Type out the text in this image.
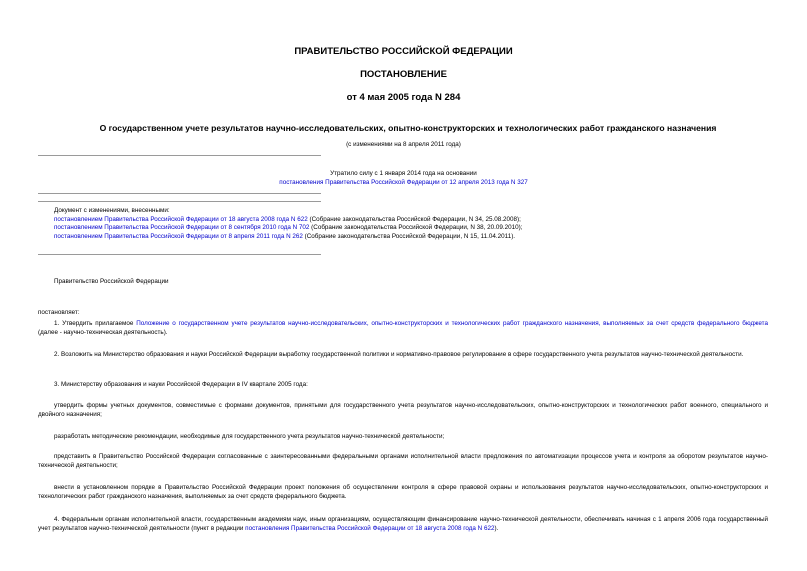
ПРАВИТЕЛЬСТВО РОССИЙСКОЙ ФЕДЕРАЦИИ
ПОСТАНОВЛЕНИЕ
от 4 мая 2005 года N 284
О государственном учете результатов научно-исследовательских, опытно-конструкторских и технологических работ гражданского назначения
(с изменениями на 8 апреля 2011 года)
Утратило силу с 1 января 2014 года на основании
постановления Правительства Российской Федерации от 12 апреля 2013 года N 327
Документ с изменениями, внесенными:
постановлением Правительства Российской Федерации от 18 августа 2008 года N 622 (Собрание законодательства Российской Федерации, N 34, 25.08.2008);
постановлением Правительства Российской Федерации от 8 сентября 2010 года N 702 (Собрание законодательства Российской Федерации, N 38, 20.09.2010);
постановлением Правительства Российской Федерации от 8 апреля 2011 года N 262 (Собрание законодательства Российской Федерации, N 15, 11.04.2011).
Правительство Российской Федерации
постановляет:
1. Утвердить прилагаемое Положение о государственном учете результатов научно-исследовательских, опытно-конструкторских и технологических работ гражданского назначения, выполняемых за счет средств федерального бюджета (далее - научно-техническая деятельность).
2. Возложить на Министерство образования и науки Российской Федерации выработку государственной политики и нормативно-правовое регулирование в сфере государственного учета результатов научно-технической деятельности.
3. Министерству образования и науки Российской Федерации в IV квартале 2005 года:
утвердить формы учетных документов, совместимые с формами документов, принятыми для государственного учета результатов научно-исследовательских, опытно-конструкторских и технологических работ военного, специального и двойного назначения;
разработать методические рекомендации, необходимые для государственного учета результатов научно-технической деятельности;
представить в Правительство Российской Федерации согласованные с заинтересованными федеральными органами исполнительной власти предложения по автоматизации процессов учета и контроля за оборотом результатов научно-технической деятельности;
внести в установленном порядке в Правительство Российской Федерации проект положения об осуществлении контроля в сфере правовой охраны и использования результатов научно-исследовательских, опытно-конструкторских и технологических работ гражданского назначения, выполняемых за счет средств федерального бюджета.
4. Федеральным органам исполнительной власти, государственным академиям наук, иным организациям, осуществляющим финансирование научно-технической деятельности, обеспечивать начиная с 1 апреля 2006 года государственный учет результатов научно-технической деятельности (пункт в редакции постановления Правительства Российской Федерации от 18 августа 2008 года N 622).
